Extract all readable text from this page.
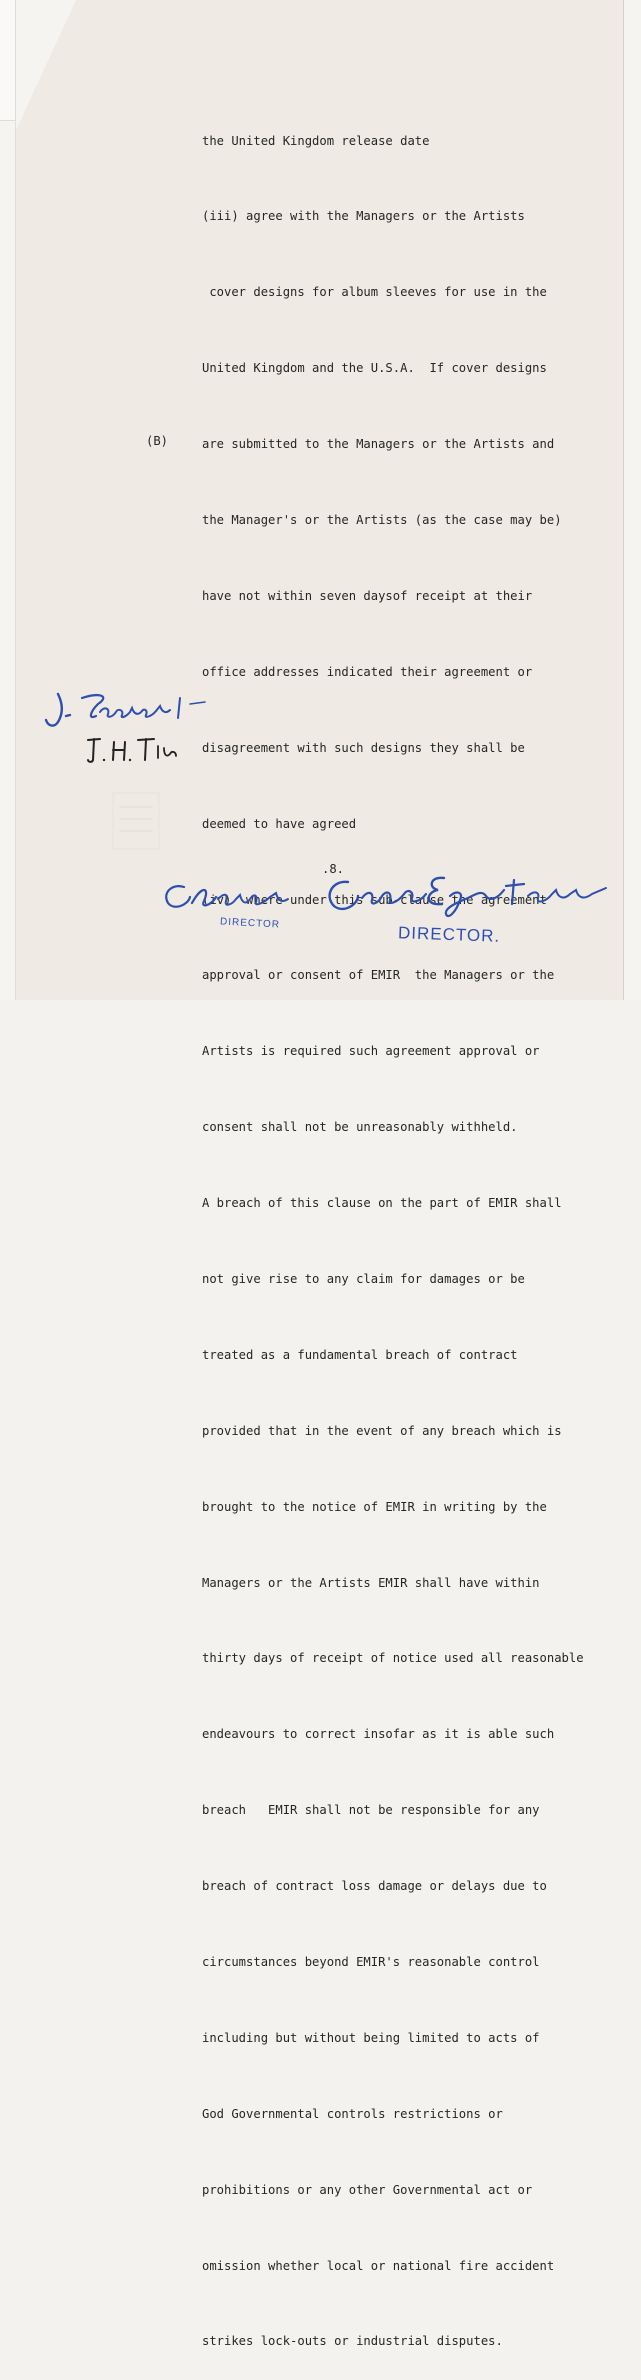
(B)

the United Kingdom release date

(iii) agree with the Managers or the Artists

cover designs for album sleeves for use in the

United Kingdom and the U.S.A.  If cover designs

are submitted to the Managers or the Artists and

the Manager's or the Artists (as the case may be)

have not within seven daysof receipt at their

office addresses indicated their agreement or

disagreement with such designs they shall be

deemed to have agreed

(iv)  where under this sub-clause the agreement

approval or consent of EMIR  the Managers or the

Artists is required such agreement approval or

consent shall not be unreasonably withheld.

A breach of this clause on the part of EMIR shall

not give rise to any claim for damages or be

treated as a fundamental breach of contract

provided that in the event of any breach which is

brought to the notice of EMIR in writing by the

Managers or the Artists EMIR shall have within

thirty days of receipt of notice used all reasonable

endeavours to correct insofar as it is able such

breach   EMIR shall not be responsible for any

breach of contract loss damage or delays due to

circumstances beyond EMIR's reasonable control

including but without being limited to acts of

God Governmental controls restrictions or

prohibitions or any other Governmental act or

omission whether local or national fire accident

strikes lock-outs or industrial disputes.

.8.
DIRECTOR	DIRECTOR.
